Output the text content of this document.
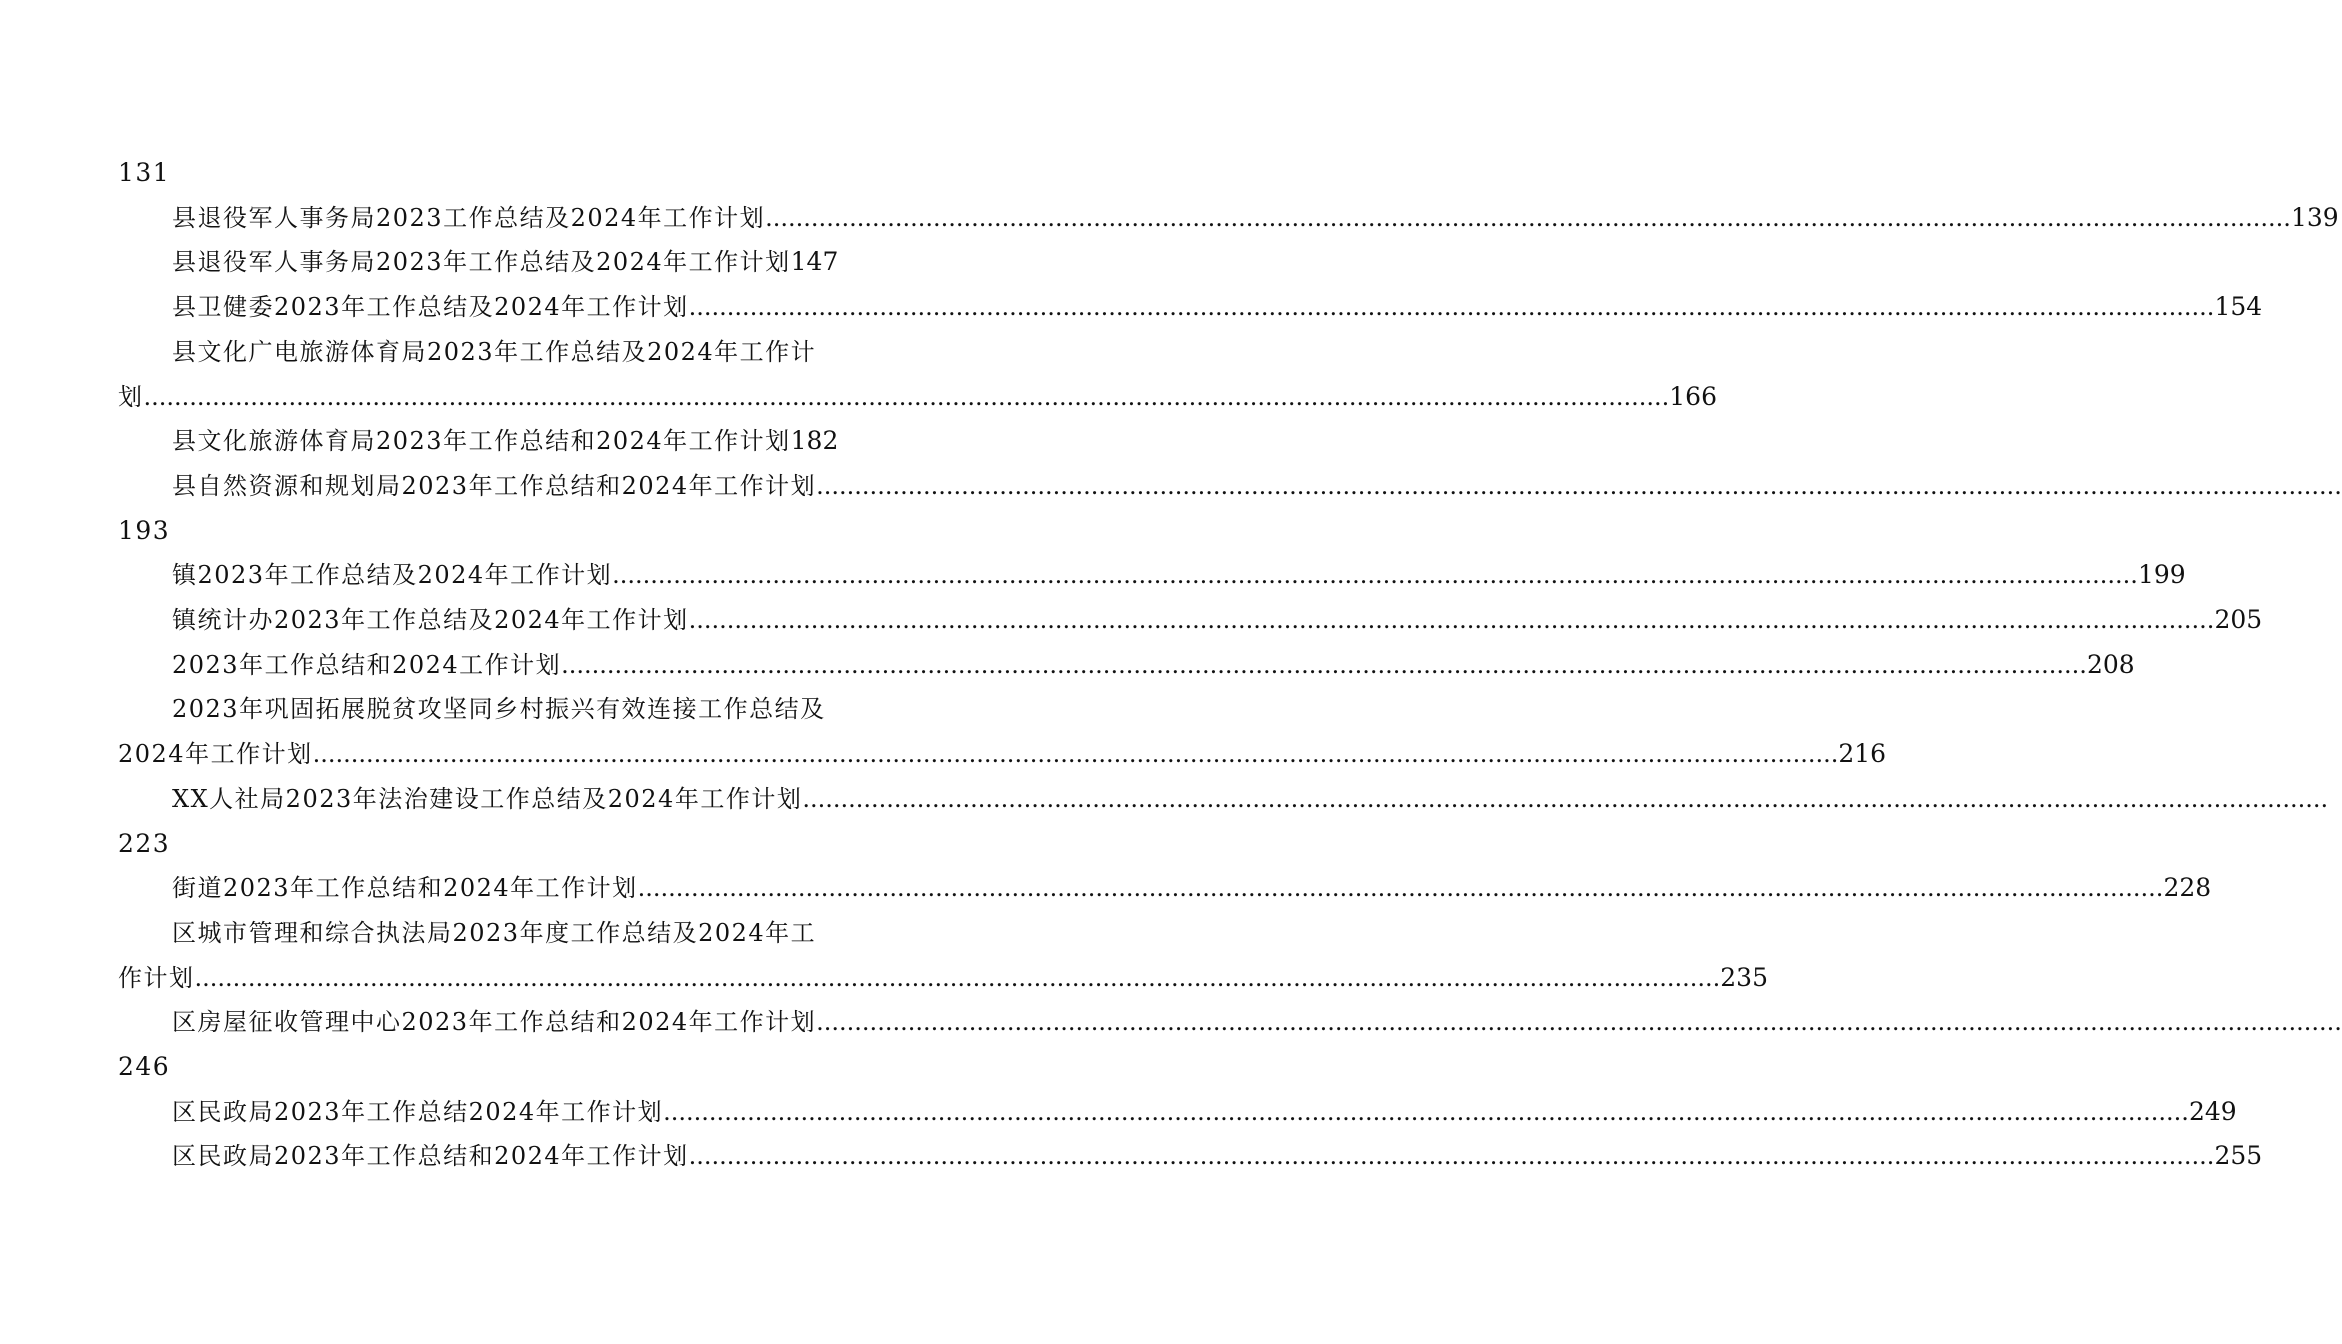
131
县退役军人事务局2023工作总结及2024年工作计划 ........................................................................................................................................................................................................ 139
县退役军人事务局2023年工作总结及2024年工作计划 147
县卫健委2023年工作总结及2024年工作计划 ........................................................................................................................................................................................................ 154
县文化广电旅游体育局2023年工作总结及2024年工作计
划 ........................................................................................................................................................................................................ 166
县文化旅游体育局2023年工作总结和2024年工作计划 182
县自然资源和规划局2023年工作总结和2024年工作计划 ........................................................................................................................................................................................................
193
镇2023年工作总结及2024年工作计划 ........................................................................................................................................................................................................ 199
镇统计办2023年工作总结及2024年工作计划 ........................................................................................................................................................................................................ 205
2023年工作总结和2024工作计划 ........................................................................................................................................................................................................ 208
2023年巩固拓展脱贫攻坚同乡村振兴有效连接工作总结及
2024年工作计划 ........................................................................................................................................................................................................ 216
XX人社局2023年法治建设工作总结及2024年工作计划 ........................................................................................................................................................................................................
223
街道2023年工作总结和2024年工作计划 ........................................................................................................................................................................................................ 228
区城市管理和综合执法局2023年度工作总结及2024年工
作计划 ........................................................................................................................................................................................................ 235
区房屋征收管理中心2023年工作总结和2024年工作计划 ........................................................................................................................................................................................................
246
区民政局2023年工作总结2024年工作计划 ........................................................................................................................................................................................................ 249
区民政局2023年工作总结和2024年工作计划 ........................................................................................................................................................................................................ 255
